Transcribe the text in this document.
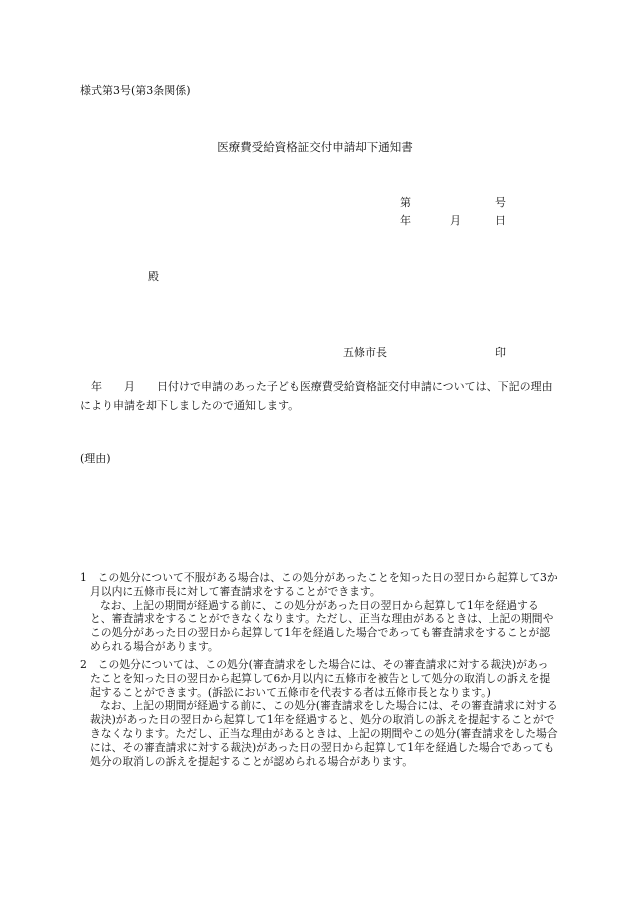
様式第3号(第3条関係)
医療費受給資格証交付申請却下通知書
第	号
年	月	日
殿
五條市長	印
　年　　月　　日付けで申請のあった子ども医療費受給資格証交付申請については、下記の理由により申請を却下しましたので通知します。
(理由)

1　この処分について不服がある場合は、この処分があったことを知った日の翌日から起算して3か月以内に五條市長に対して審査請求をすることができます。

なお、上記の期間が経過する前に、この処分があった日の翌日から起算して1年を経過すると、審査請求をすることができなくなります。ただし、正当な理由があるときは、上記の期間やこの処分があった日の翌日から起算して1年を経過した場合であっても審査請求をすることが認められる場合があります。

2　この処分については、この処分(審査請求をした場合には、その審査請求に対する裁決)があったことを知った日の翌日から起算して6か月以内に五條市を被告として処分の取消しの訴えを提起することができます。(訴訟において五條市を代表する者は五條市長となります。)

なお、上記の期間が経過する前に、この処分(審査請求をした場合には、その審査請求に対する裁決)があった日の翌日から起算して1年を経過すると、処分の取消しの訴えを提起することができなくなります。ただし、正当な理由があるときは、上記の期間やこの処分(審査請求をした場合には、その審査請求に対する裁決)があった日の翌日から起算して1年を経過した場合であっても処分の取消しの訴えを提起することが認められる場合があります。
